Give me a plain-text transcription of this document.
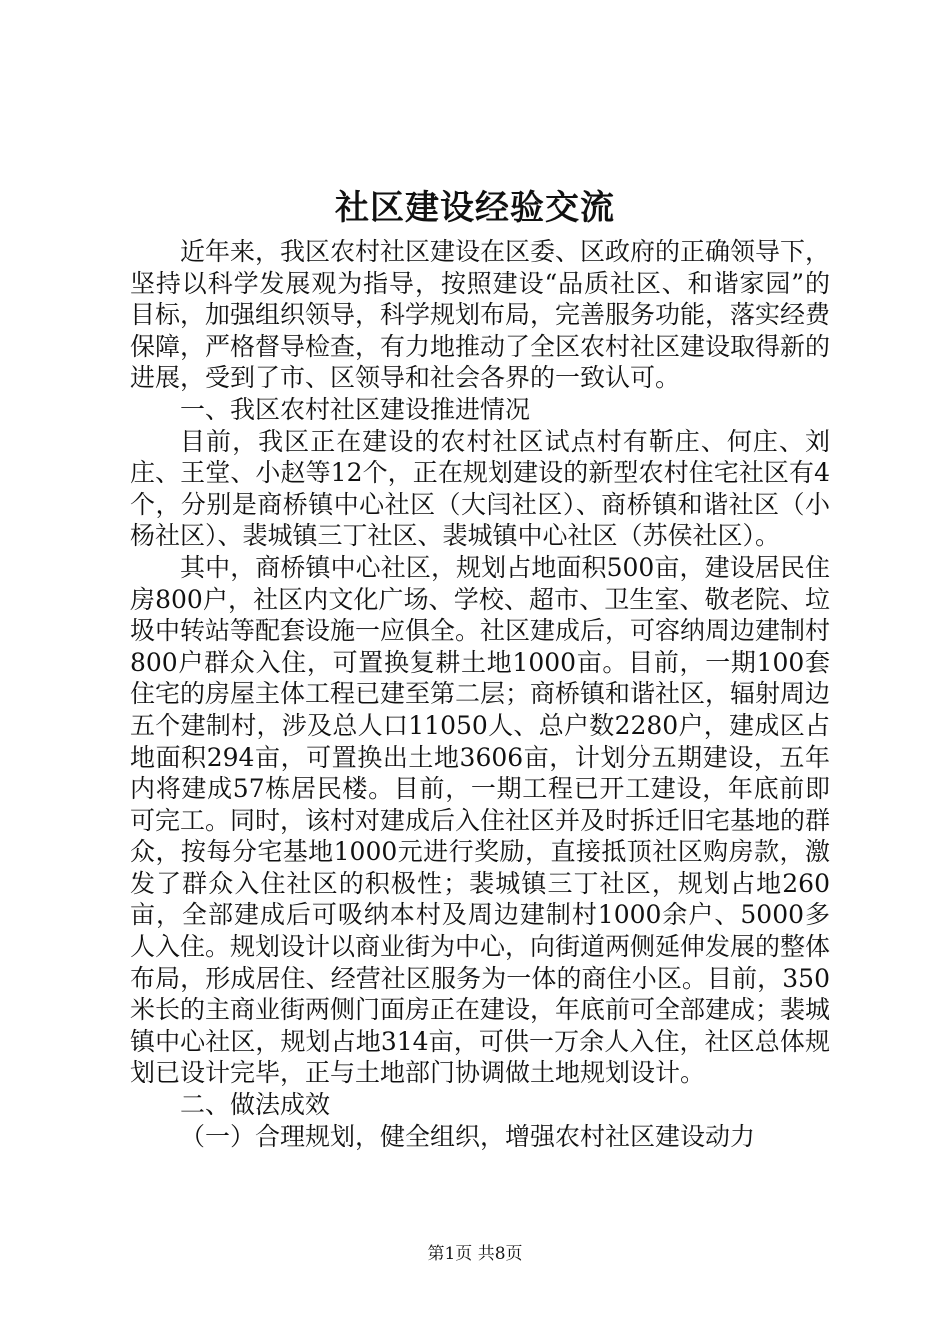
社区建设经验交流

近年来，我区农村社区建设在区委、区政府的正确领导下，坚持以科学发展观为指导，按照建设“品质社区、和谐家园”的目标，加强组织领导，科学规划布局，完善服务功能，落实经费保障，严格督导检查，有力地推动了全区农村社区建设取得新的进展，受到了市、区领导和社会各界的一致认可。

一、我区农村社区建设推进情况

目前，我区正在建设的农村社区试点村有靳庄、何庄、刘庄、王堂、小赵等12个，正在规划建设的新型农村住宅社区有4个，分别是商桥镇中心社区（大闫社区）、商桥镇和谐社区（小杨社区）、裴城镇三丁社区、裴城镇中心社区（苏侯社区）。

其中，商桥镇中心社区，规划占地面积500亩，建设居民住房800户，社区内文化广场、学校、超市、卫生室、敬老院、垃圾中转站等配套设施一应俱全。社区建成后，可容纳周边建制村800户群众入住，可置换复耕土地1000亩。目前，一期100套住宅的房屋主体工程已建至第二层；商桥镇和谐社区，辐射周边五个建制村，涉及总人口11050人、总户数2280户，建成区占地面积294亩，可置换出土地3606亩，计划分五期建设，五年内将建成57栋居民楼。目前，一期工程已开工建设，年底前即可完工。同时，该村对建成后入住社区并及时拆迁旧宅基地的群众，按每分宅基地1000元进行奖励，直接抵顶社区购房款，激发了群众入住社区的积极性；裴城镇三丁社区，规划占地260亩，全部建成后可吸纳本村及周边建制村1000余户、5000多人入住。规划设计以商业街为中心，向街道两侧延伸发展的整体布局，形成居住、经营社区服务为一体的商住小区。目前，350米长的主商业街两侧门面房正在建设，年底前可全部建成；裴城镇中心社区，规划占地314亩，可供一万余人入住，社区总体规划已设计完毕，正与土地部门协调做土地规划设计。

二、做法成效

（一）合理规划，健全组织，增强农村社区建设动力

第1页 共8页
